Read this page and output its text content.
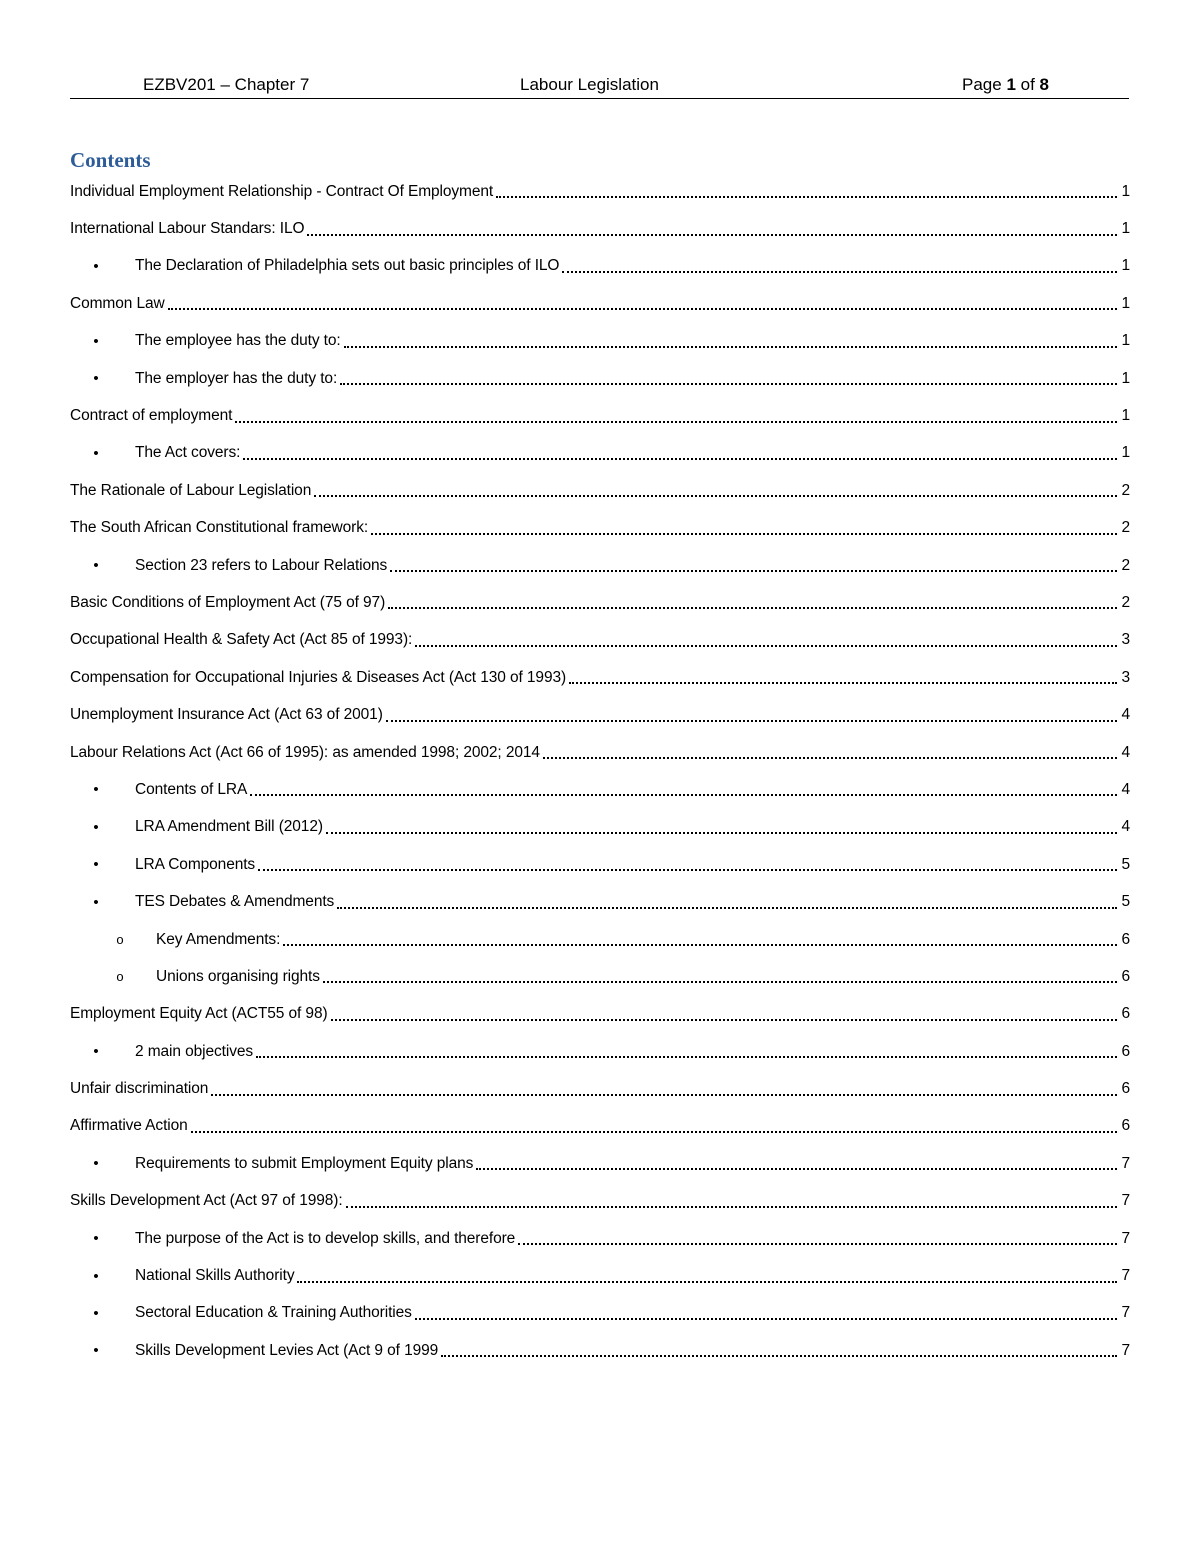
EZBV201 – Chapter 7	Labour Legislation	Page 1 of 8
Contents
Individual Employment Relationship - Contract Of Employment	1
International Labour Standars: ILO	1
•	The Declaration of Philadelphia sets out basic principles of ILO	1
Common Law	1
•	The employee has the duty to:	1
•	The employer has the duty to:	1
Contract of employment	1
•	The Act covers:	1
The Rationale of Labour Legislation	2
The South African Constitutional framework:	2
•	Section 23 refers to Labour Relations	2
Basic Conditions of Employment Act (75 of 97)	2
Occupational Health & Safety Act (Act 85 of 1993):	3
Compensation for Occupational Injuries & Diseases Act (Act 130 of 1993)	3
Unemployment Insurance Act (Act 63 of 2001)	4
Labour Relations Act (Act 66 of 1995): as amended 1998; 2002; 2014	4
•	Contents of LRA	4
•	LRA Amendment Bill (2012)	4
•	LRA Components	5
•	TES Debates & Amendments	5
o	Key Amendments:	6
o	Unions organising rights	6
Employment Equity Act (ACT55 of 98)	6
•	2 main objectives	6
Unfair discrimination	6
Affirmative Action	6
•	Requirements to submit Employment Equity plans	7
Skills Development Act (Act 97 of 1998):	7
•	The purpose of the Act is to develop skills, and therefore	7
•	National Skills Authority	7
•	Sectoral Education & Training Authorities	7
•	Skills Development Levies Act (Act 9 of 1999	7
